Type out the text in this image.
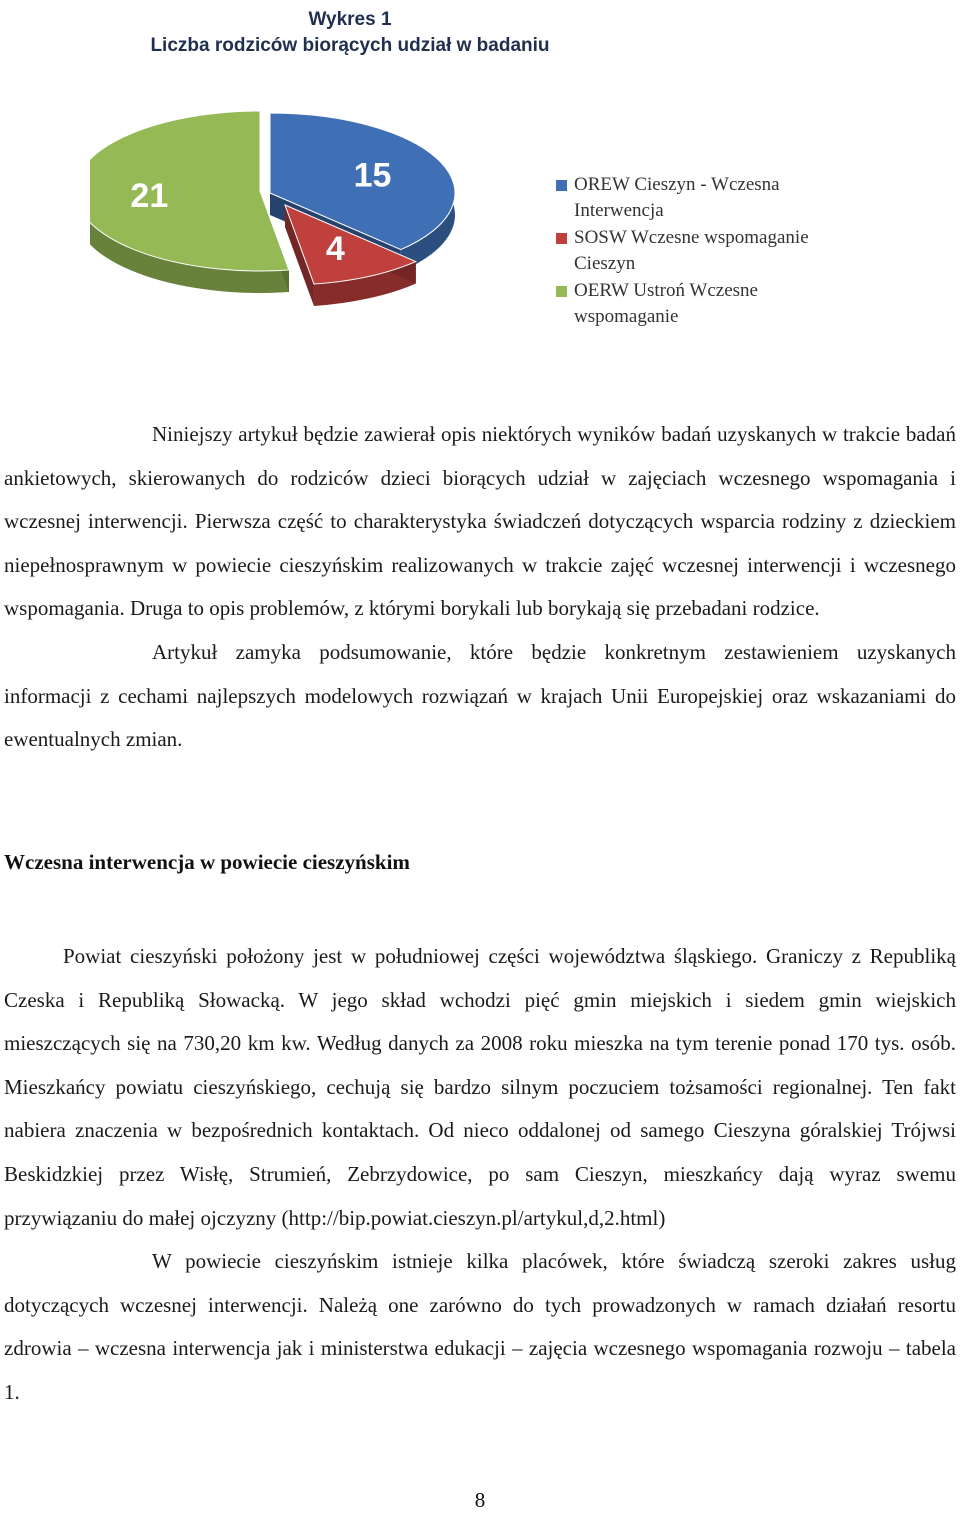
Wykres 1
Liczba rodziców biorących udział w badaniu
15
4
21	OREW Cieszyn - Wczesna
Interwencja
SOSW Wczesne wspomaganie
Cieszyn
OERW Ustroń Wczesne
wspomaganie

Niniejszy artykuł będzie zawierał opis niektórych wyników badań uzyskanych w trakcie badań ankietowych, skierowanych do rodziców dzieci biorących udział w zajęciach wczesnego wspomagania i wczesnej interwencji. Pierwsza część to charakterystyka świadczeń dotyczących wsparcia rodziny z dzieckiem niepełnosprawnym w powiecie cieszyńskim realizowanych w trakcie zajęć wczesnej interwencji i wczesnego wspomagania. Druga to opis problemów, z którymi borykali lub borykają się przebadani rodzice.

Artykuł zamyka podsumowanie, które będzie konkretnym zestawieniem uzyskanych informacji z cechami najlepszych modelowych rozwiązań w krajach Unii Europejskiej oraz wskazaniami do ewentualnych zmian.

Wczesna interwencja w powiecie cieszyńskim

Powiat cieszyński położony jest w południowej części województwa śląskiego. Graniczy z Republiką Czeska i Republiką Słowacką. W jego skład wchodzi pięć gmin miejskich i siedem gmin wiejskich mieszczących się na 730,20 km kw. Według danych za 2008 roku mieszka na tym terenie ponad 170 tys. osób. Mieszkańcy powiatu cieszyńskiego, cechują się bardzo silnym poczuciem tożsamości regionalnej. Ten fakt nabiera znaczenia w bezpośrednich kontaktach. Od nieco oddalonej od samego Cieszyna góralskiej Trójwsi Beskidzkiej przez Wisłę, Strumień, Zebrzydowice, po sam Cieszyn, mieszkańcy dają wyraz swemu przywiązaniu do małej ojczyzny (http://bip.powiat.cieszyn.pl/artykul,d,2.html)

W powiecie cieszyńskim istnieje kilka placówek, które świadczą szeroki zakres usług dotyczących wczesnej interwencji. Należą one zarówno do tych prowadzonych w ramach działań resortu zdrowia – wczesna interwencja jak i ministerstwa edukacji – zajęcia wczesnego wspomagania rozwoju – tabela 1.

8
